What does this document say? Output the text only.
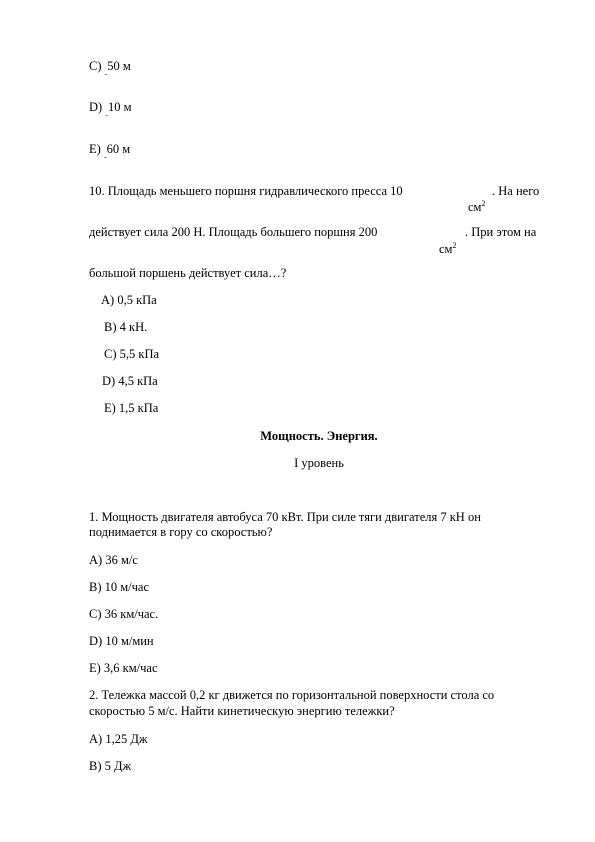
C) $_ˍ$50 м
D) $_ˍ$10 м
E) $_ˍ$60 м
10. Площадь меньшего поршня гидравлического пресса 10
$см^2$
. На него
действует сила 200 Н. Площадь большего поршня 200
$см^2$
. При этом на
большой поршень действует сила…?
A) 0,5 кПа
B) 4 кН.
C) 5,5 кПа
D) 4,5 кПа
E) 1,5 кПа
Мощность. Энергия.
I уровень
1. Мощность двигателя автобуса 70 кВт. При силе тяги двигателя 7 кН он
поднимается в гору со скоростью?
A) 36 м/с
B) 10 м/час
C) 36 км/час.
D) 10 м/мин
E) 3,6 км/час
2. Тележка массой 0,2 кг движется по горизонтальной поверхности стола со
скоростью 5 м/с. Найти кинетическую энергию тележки?
A) 1,25 Дж
B) 5 Дж
